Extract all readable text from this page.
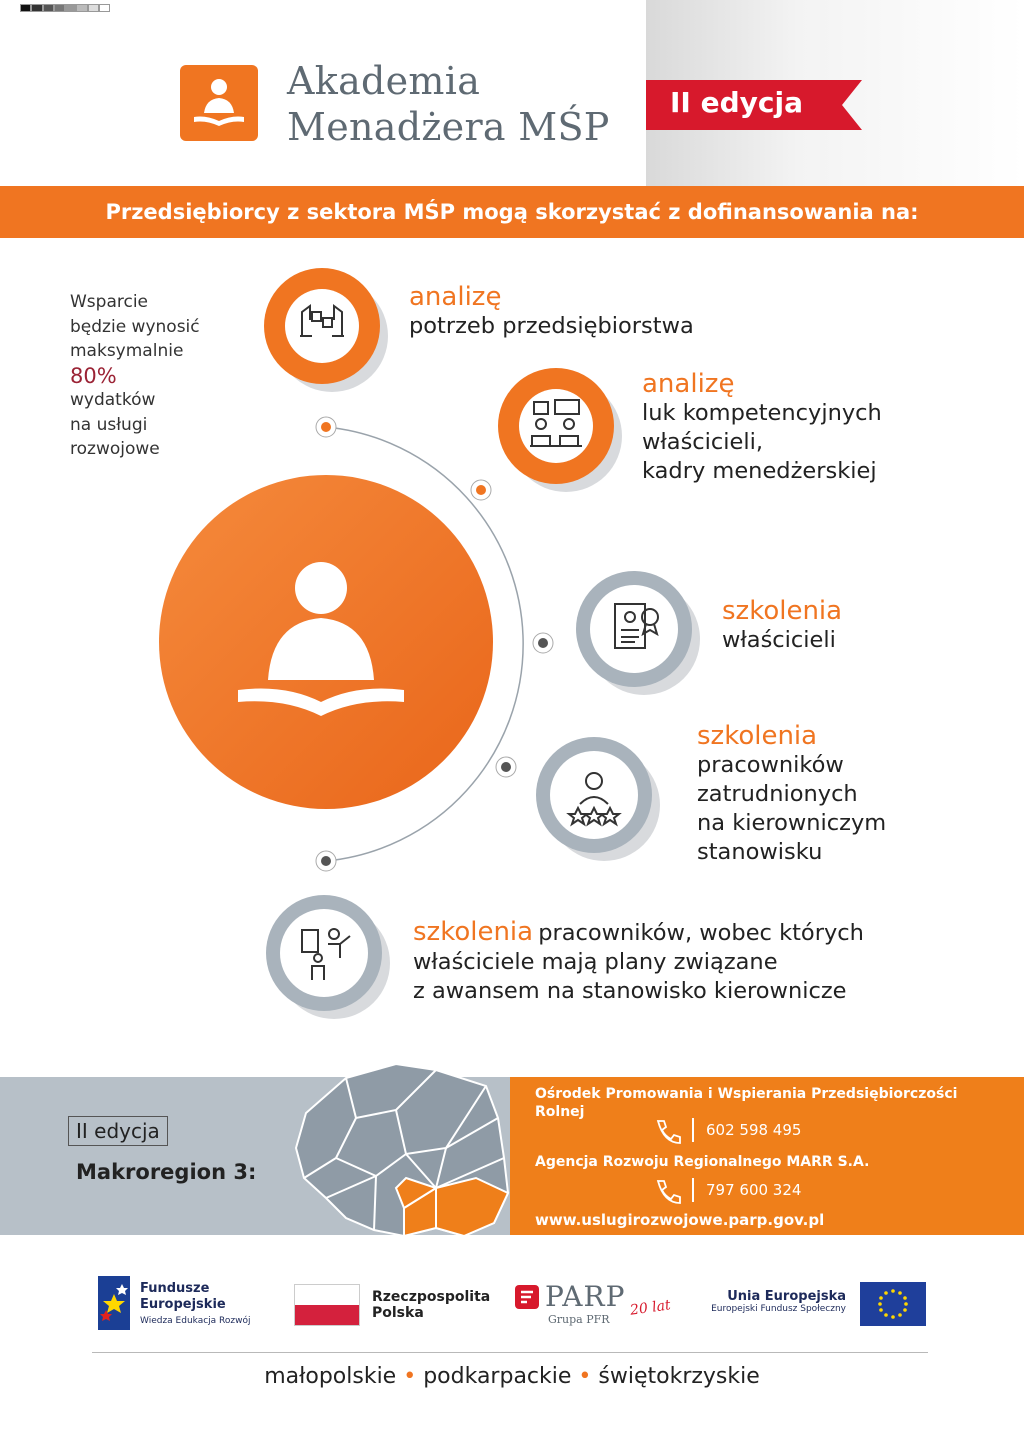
Akademia
Menadżera MŚP
II edycja
Przedsiębiorcy z sektora MŚP mogą skorzystać z dofinansowania na:
Wsparcie
będzie wynosić
maksymalnie
80%
wydatków
na usługi
rozwojowe
analizę
potrzeb przedsiębiorstwa
analizę
luk kompetencyjnych
właścicieli,
kadry menedżerskiej
szkolenia
właścicieli
szkolenia
pracowników
zatrudnionych
na kierowniczym
stanowisku
szkolenia pracowników, wobec których
właściciele mają plany związane
z awansem na stanowisko kierownicze
II edycja
Makroregion 3:
Ośrodek Promowania i Wspierania Przedsiębiorczości
Rolnej
602 598 495
Agencja Rozwoju Regionalnego MARR S.A.
797 600 324
www.uslugirozwojowe.parp.gov.pl
Fundusze
Europejskie
Wiedza Edukacja Rozwój
Rzeczpospolita
Polska	PARP 20 lat
Grupa PFR
Unia Europejska
Europejski Fundusz Społeczny
małopolskie • podkarpackie • świętokrzyskie
